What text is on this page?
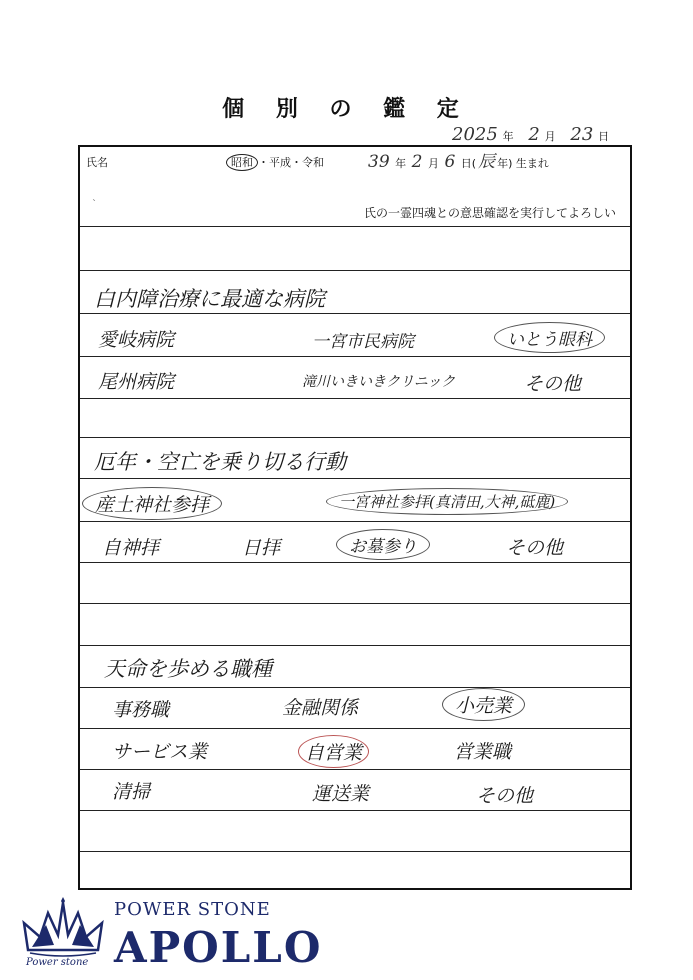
個 別 の 鑑 定
2025 年 2 月 23 日
氏名	昭和 ・平成・令和	39 年 2 月 6 日( 辰 年) 生まれ
`
氏の一霊四魂との意思確認を実行してよろしい
白内障治療に最適な病院
愛岐病院	一宮市民病院	いとう眼科
尾州病院	滝川いきいきクリニック	その他
厄年・空亡を乗り切る行動
産土神社参拝	一宮神社参拝(真清田,大神,砥鹿)
自神拝	日拝	お墓参り	その他
天命を歩める職種
事務職	金融関係	小売業
サービス業	自営業	営業職
清掃	運送業	その他
Power stone
POWER STONE
APOLLO
